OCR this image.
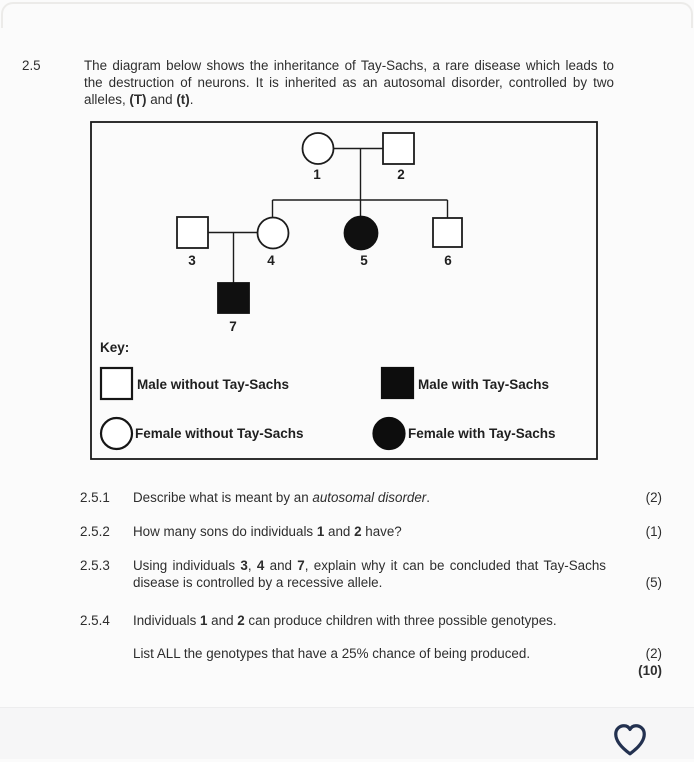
2.5	The diagram below shows the inheritance of Tay-Sachs, a rare disease which leads to the destruction of neurons. It is inherited as an autosomal disorder, controlled by two alleles, (T) and (t).
1	2
3	4	5	6
7
Key:
Male without Tay-Sachs	Male with Tay-Sachs
Female without Tay-Sachs	Female with Tay-Sachs
2.5.1	Describe what is meant by an autosomal disorder.	(2)
2.5.2	How many sons do individuals 1 and 2 have?	(1)
2.5.3	Using individuals 3, 4 and 7, explain why it can be concluded that Tay-Sachs disease is controlled by a recessive allele.	(5)
2.5.4	Individuals 1 and 2 can produce children with three possible genotypes.
List ALL the genotypes that have a 25% chance of being produced.	(2)
(10)
